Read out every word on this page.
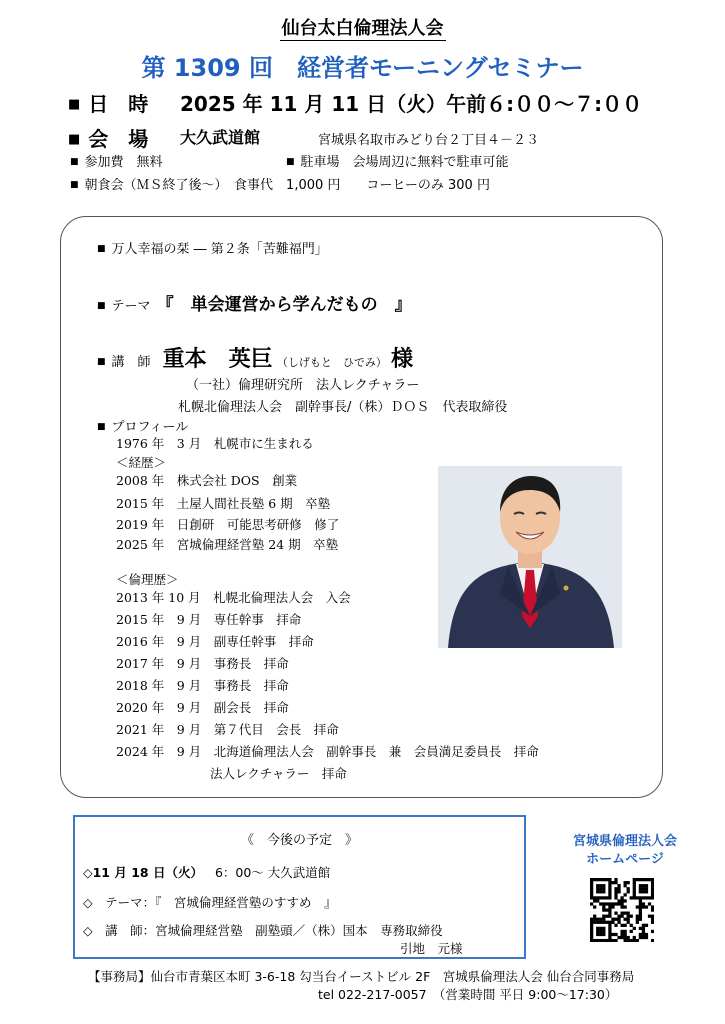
仙台太白倫理法人会
第 1309 回　経営者モーニングセミナー
■ 日　時 2025 年 11 月 11 日（火）午前６:００～７:００
■ 会　場 大久武道館	宮城県名取市みどり台２丁目４－２３
■ 参加費　 無料	■ 駐車場　 会場周辺に無料で駐車可能
■ 朝食会（ＭＳ終了後～）　 食事代　1,000 円　　コーヒーのみ 300 円
■ 万人幸福の栞 ― 第２条「苦難福門」
■ テーマ 『　単会運営から学んだもの　』
■ 講　師 重本　英巨 （しげもと　ひでみ） 様
（一社）倫理研究所　法人レクチャラー
札幌北倫理法人会　副幹事長/（株）ＤＯＳ　代表取締役
■ プロフィール
1976 年　3 月　札幌市に生まれる
＜経歴＞
2008 年　株式会社 DOS　創業
2015 年　土屋人間社長塾 6 期　卒塾
2019 年　日創研　可能思考研修　修了
2025 年　宮城倫理経営塾 24 期　卒塾
＜倫理歴＞
2013 年 10 月　札幌北倫理法人会　入会
2015 年　9 月　専任幹事　拝命
2016 年　9 月　副専任幹事　拝命
2017 年　9 月　事務長　拝命
2018 年　9 月　事務長　拝命
2020 年　9 月　副会長　拝命
2021 年　9 月　第７代目　会長　拝命
2024 年　9 月　北海道倫理法人会　副幹事長　兼　会員満足委員長　拝命
法人レクチャラー　拝命
《　今後の予定　》
◇11 月 18 日（火） 6：00～ 大久武道館
◇　テーマ：『　宮城倫理経営塾のすすめ　』
◇　講　師：宮城倫理経営塾　副塾頭／（株）国本　専務取締役
引地　元様
宮城県倫理法人会
ホームページ
【事務局】仙台市青葉区本町 3-6-18 勾当台イーストビル 2F　宮城県倫理法人会 仙台合同事務局
tel 022-217-0057　（営業時間 平日 9:00～17:30）
